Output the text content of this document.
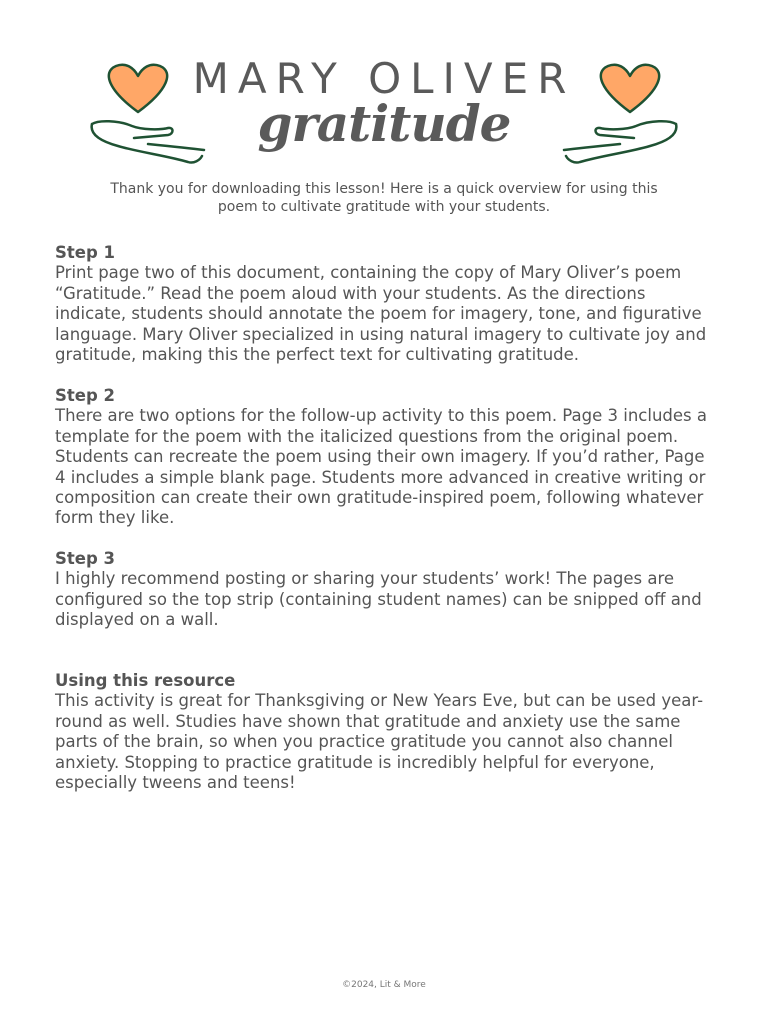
MARY OLIVER
gratitude
Thank you for downloading this lesson! Here is a quick overview for using this poem to cultivate gratitude with your students.
Step 1
Print page two of this document, containing the copy of Mary Oliver’s poem “Gratitude.” Read the poem aloud with your students. As the directions indicate, students should annotate the poem for imagery, tone, and figurative language. Mary Oliver specialized in using natural imagery to cultivate joy and gratitude, making this the perfect text for cultivating gratitude.
Step 2
There are two options for the follow-up activity to this poem. Page 3 includes a template for the poem with the italicized questions from the original poem. Students can recreate the poem using their own imagery. If you’d rather, Page 4 includes a simple blank page. Students more advanced in creative writing or composition can create their own gratitude-inspired poem, following whatever form they like.
Step 3
I highly recommend posting or sharing your students’ work! The pages are configured so the top strip (containing student names) can be snipped off and displayed on a wall.
Using this resource
This activity is great for Thanksgiving or New Years Eve, but can be used year-round as well. Studies have shown that gratitude and anxiety use the same parts of the brain, so when you practice gratitude you cannot also channel anxiety. Stopping to practice gratitude is incredibly helpful for everyone, especially tweens and teens!
©2024, Lit & More
